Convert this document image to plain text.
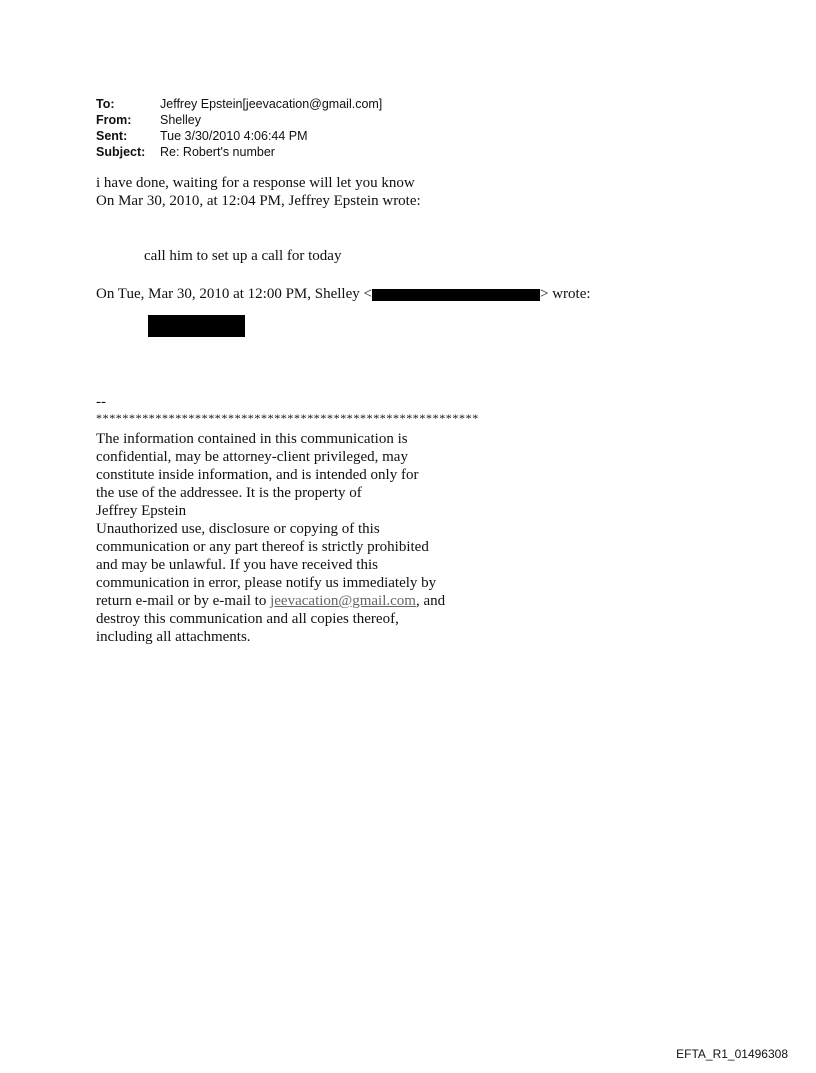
To:	Jeffrey Epstein[jeevacation@gmail.com]
From:	Shelley
Sent:	Tue 3/30/2010 4:06:44 PM
Subject:	Re: Robert's number
i have done, waiting for a response will let you know
On Mar 30, 2010, at 12:04 PM, Jeffrey Epstein wrote:
call him to set up a call for today
On Tue, Mar 30, 2010 at 12:00 PM, Shelley <	> wrote:
--
**********************************************************
The information contained in this communication is
confidential, may be attorney-client privileged, may
constitute inside information, and is intended only for
the use of the addressee. It is the property of
Jeffrey Epstein
Unauthorized use, disclosure or copying of this
communication or any part thereof is strictly prohibited
and may be unlawful. If you have received this
communication in error, please notify us immediately by
return e-mail or by e-mail to jeevacation@gmail.com, and
destroy this communication and all copies thereof,
including all attachments.
EFTA_R1_01496308
